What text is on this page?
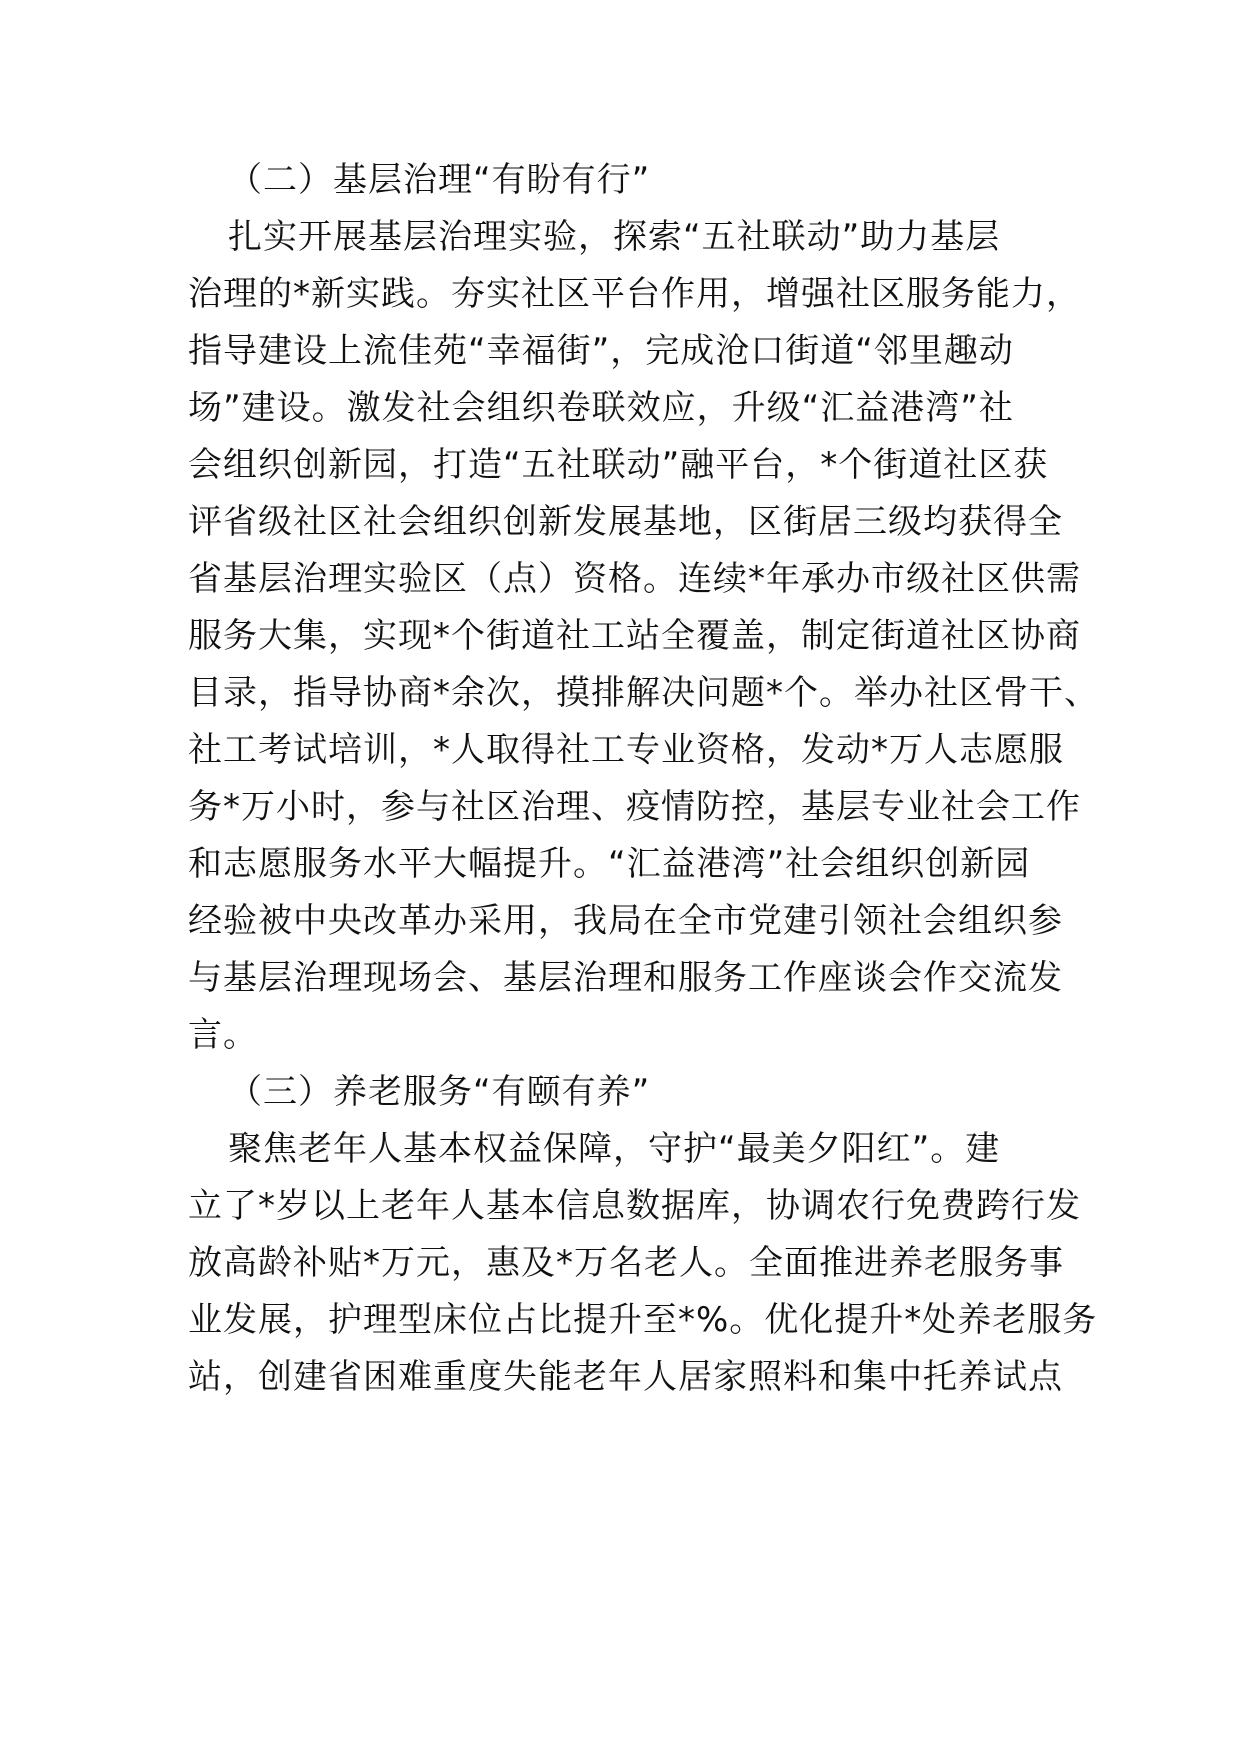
（二）基层治理“有盼有行”
扎实开展基层治理实验，探索“五社联动”助力基层
治理的*新实践。夯实社区平台作用，增强社区服务能力，
指导建设上流佳苑“幸福街”，完成沧口街道“邻里趣动
场”建设。激发社会组织卷联效应，升级“汇益港湾”社
会组织创新园，打造“五社联动”融平台，*个街道社区获
评省级社区社会组织创新发展基地，区街居三级均获得全
省基层治理实验区（点）资格。连续*年承办市级社区供需
服务大集，实现*个街道社工站全覆盖，制定街道社区协商
目录，指导协商*余次，摸排解决问题*个。举办社区骨干、
社工考试培训，*人取得社工专业资格，发动*万人志愿服
务*万小时，参与社区治理、疫情防控，基层专业社会工作
和志愿服务水平大幅提升。“汇益港湾”社会组织创新园
经验被中央改革办采用，我局在全市党建引领社会组织参
与基层治理现场会、基层治理和服务工作座谈会作交流发
言。
（三）养老服务“有颐有养”
聚焦老年人基本权益保障，守护“最美夕阳红”。建
立了*岁以上老年人基本信息数据库，协调农行免费跨行发
放高龄补贴*万元，惠及*万名老人。全面推进养老服务事
业发展，护理型床位占比提升至*%。优化提升*处养老服务
站，创建省困难重度失能老年人居家照料和集中托养试点
